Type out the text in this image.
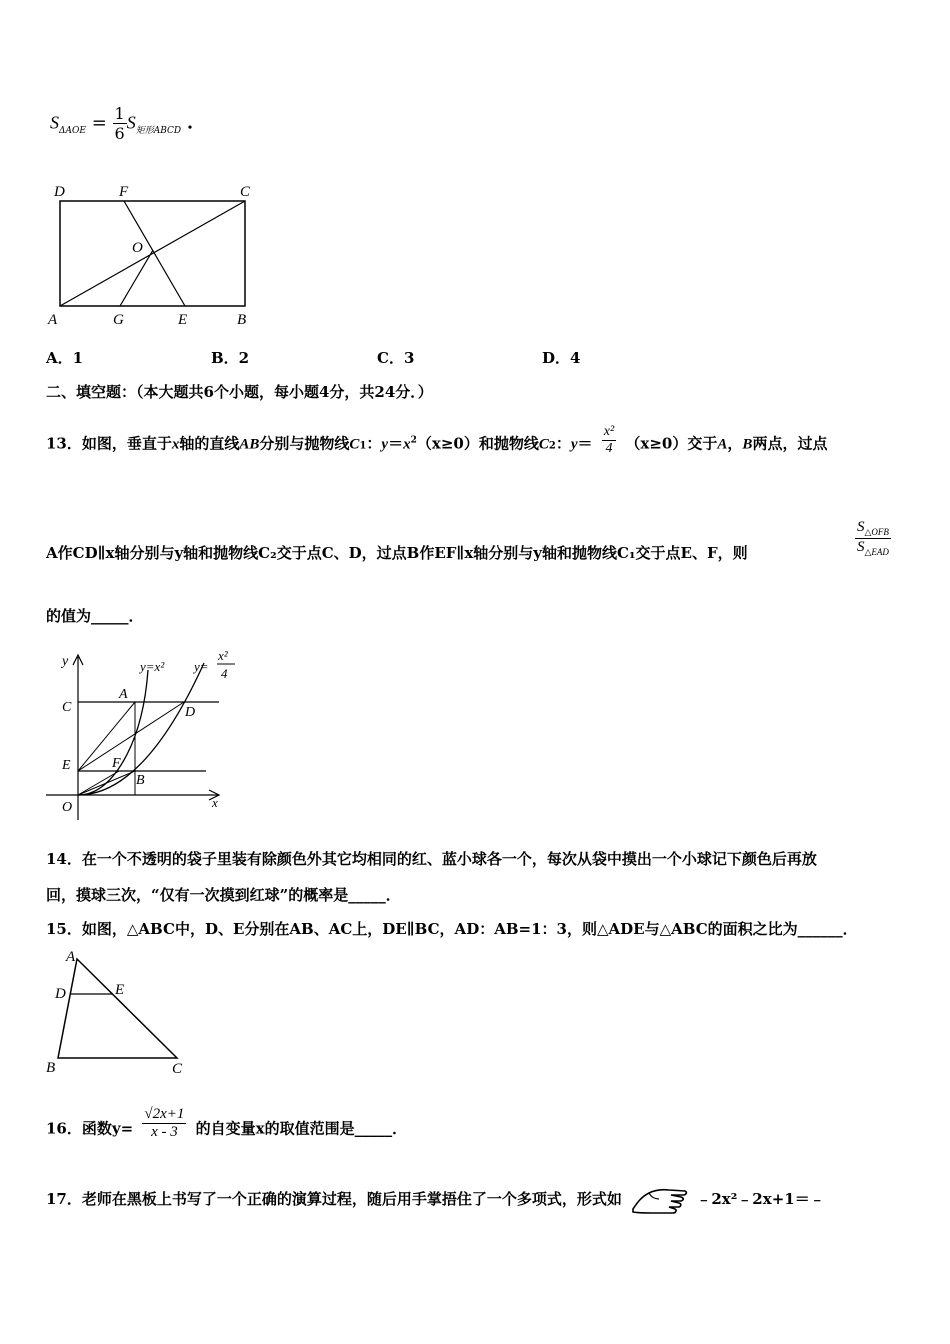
$S_{\Delta AOE} = \frac{1}{6} S_{矩形ABCD}$ .
D	F	C
O
A	G	E	B
A．1	B．2	C．3	D．4
二、填空题：（本大题共6个小题，每小题4分，共24分．）
13．如图，垂直于x轴的直线AB分别与抛物线C1：$y=x^2(x\ge 0)$和抛物线C2：$y= \frac{\text{x²}}{4} (x\ge 0)$交于A，B两点，过点
A作CD∥x轴分别与y轴和抛物线C₂交于点C、D，过点B作EF∥x轴分别与y轴和抛物线C₁交于点E、F，则	$\frac{S_{\triangle OFB}}{S_{\triangle EAD}}$
的值为_____．
y
x
y=x² y=
x²
4
A
C	D
E	F
B
O
14．在一个不透明的袋子里装有除颜色外其它均相同的红、蓝小球各一个，每次从袋中摸出一个小球记下颜色后再放
回，摸球三次，“仅有一次摸到红球”的概率是_____．
15．如图，△ABC中，D、E分别在AB、AC上，DE∥BC，AD：AB=1：3，则△ADE与△ABC的面积之比为______．
A
D	E
B	C
16．函数$y= \frac{√2x+1}{x - 3}$ 的自变量x的取值范围是_____．
17．老师在黑板上书写了一个正确的演算过程，随后用手掌捂住了一个多项式，形式如	﹣2x²﹣2x+1＝﹣
